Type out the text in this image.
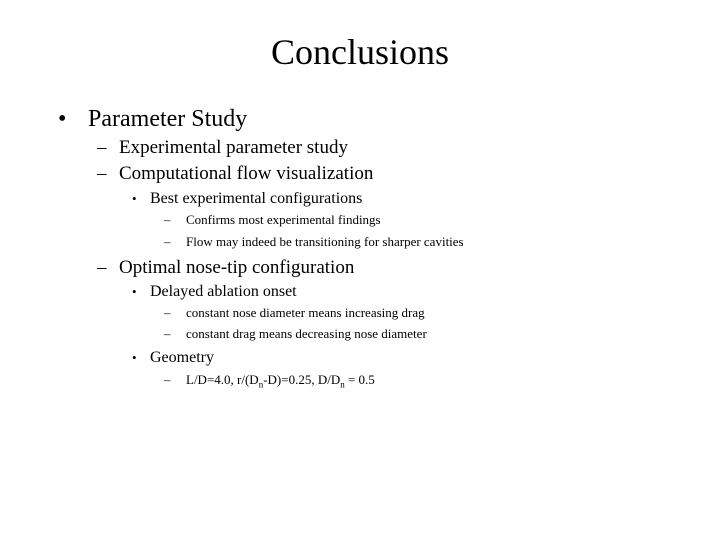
Conclusions
• Parameter Study
– Experimental parameter study
– Computational flow visualization
• Best experimental configurations
– Confirms most experimental findings
– Flow may indeed be transitioning for sharper cavities
– Optimal nose-tip configuration
• Delayed ablation onset
– constant nose diameter means increasing drag
– constant drag means decreasing nose diameter
• Geometry
– L/D=4.0, $r/(D_n-D)=0.25$, $D/D_n = 0.5$
